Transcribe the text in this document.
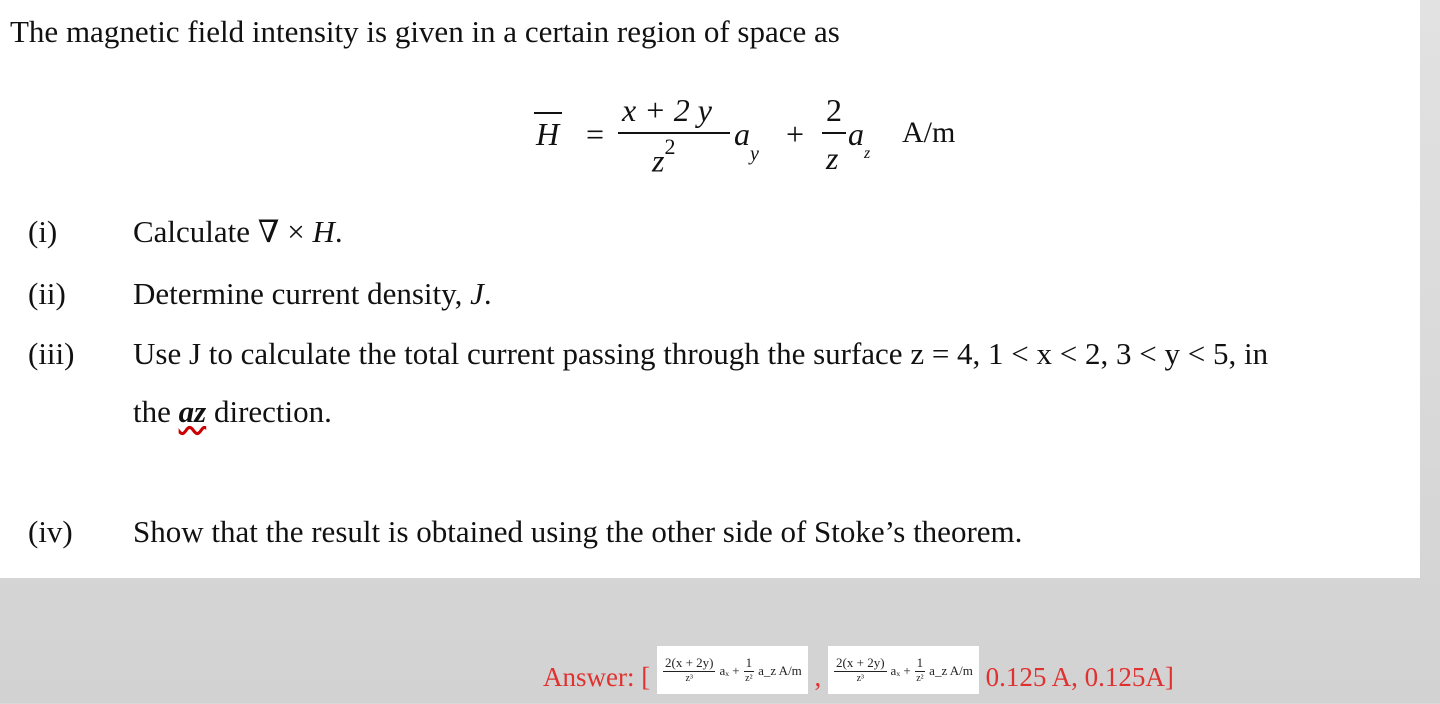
The magnetic field intensity is given in a certain region of space as
H =
x + 2 y
$z^2$ $a_y$
+
2
z
$a_z$
A/m
(i) Calculate ∇ × H.
(ii) Determine current density, J.
(iii) Use J to calculate the total current passing through the surface z = 4, 1 < x < 2, 3 < y < 5, in
the az direction.
(iv) Show that the result is obtained using the other side of Stoke’s theorem.
Answer: [ $\frac{2(x + 2y)}{\text{z³}}$ $a_x + \frac{1}{\text{z²}}$ a_z A/m , $\frac{2(x + 2y)}{\text{z³}}$ $a_x + \frac{1}{\text{z²}}$ a_z A/m 0.125 A, 0.125A]
